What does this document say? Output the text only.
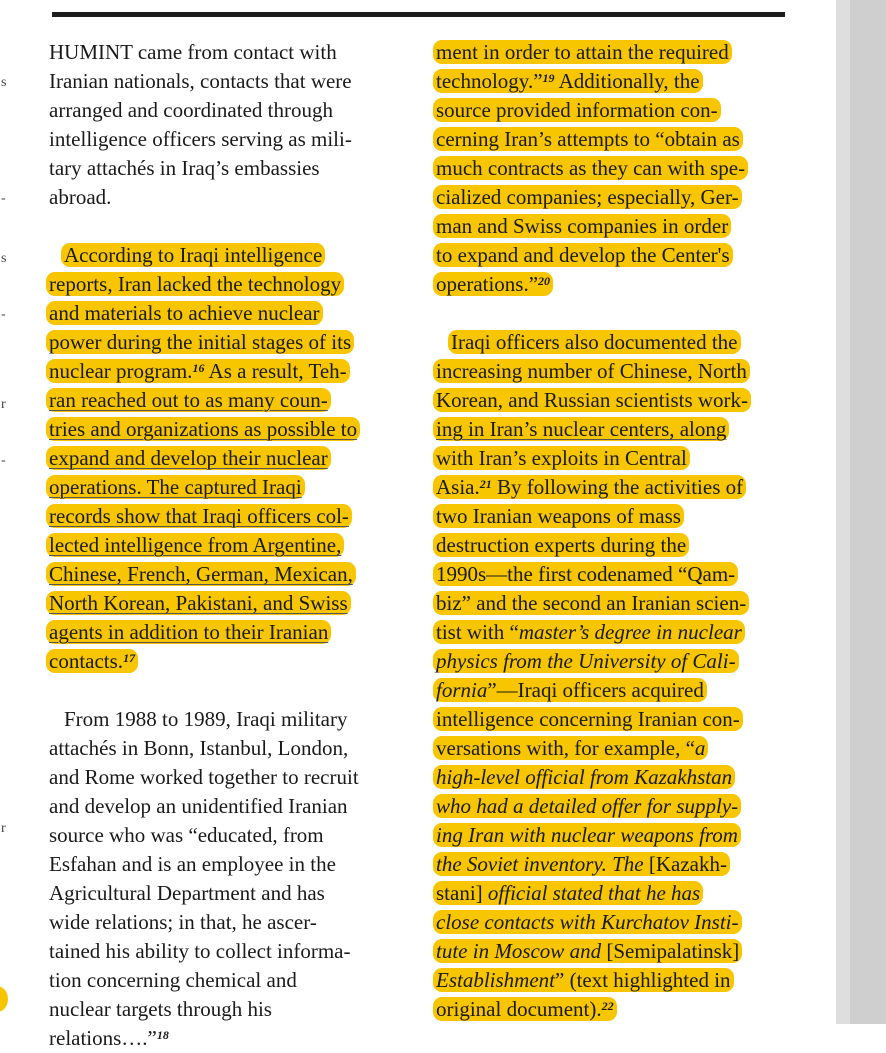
s
-
s
-
r
-
r
HUMINT came from contact with
Iranian nationals, contacts that were
arranged and coordinated through
intelligence officers serving as mili-
tary attachés in Iraq’s embassies
abroad.
According to Iraqi intelligence
reports, Iran lacked the technology
and materials to achieve nuclear
power during the initial stages of its
nuclear program.$^{16}$ As a result, Teh-
ran reached out to as many coun-
tries and organizations as possible to
expand and develop their nuclear
operations. The captured Iraqi
records show that Iraqi officers col-
lected intelligence from Argentine,
Chinese, French, German, Mexican,
North Korean, Pakistani, and Swiss
agents in addition to their Iranian
contacts.$^{17}$
From 1988 to 1989, Iraqi military
attachés in Bonn, Istanbul, London,
and Rome worked together to recruit
and develop an unidentified Iranian
source who was “educated, from
Esfahan and is an employee in the
Agricultural Department and has
wide relations; in that, he ascer-
tained his ability to collect informa-
tion concerning chemical and
nuclear targets through his
relations….”$^{18}$
ment in order to attain the required
technology.”$^{19}$ Additionally, the
source provided information con-
cerning Iran’s attempts to “obtain as
much contracts as they can with spe-
cialized companies; especially, Ger-
man and Swiss companies in order
to expand and develop the Center's
operations.”$^{20}$
Iraqi officers also documented the
increasing number of Chinese, North
Korean, and Russian scientists work-
ing in Iran’s nuclear centers, along
with Iran’s exploits in Central
Asia.$^{21}$ By following the activities of
two Iranian weapons of mass
destruction experts during the
1990s—the first codenamed “Qam-
biz” and the second an Iranian scien-
tist with “master’s degree in nuclear
physics from the University of Cali-
fornia”—Iraqi officers acquired
intelligence concerning Iranian con-
versations with, for example, “a
high-level official from Kazakhstan
who had a detailed offer for supply-
ing Iran with nuclear weapons from
the Soviet inventory. The [Kazakh-
stani] official stated that he has
close contacts with Kurchatov Insti-
tute in Moscow and [Semipalatinsk]
Establishment” (text highlighted in
original document).$^{22}$
